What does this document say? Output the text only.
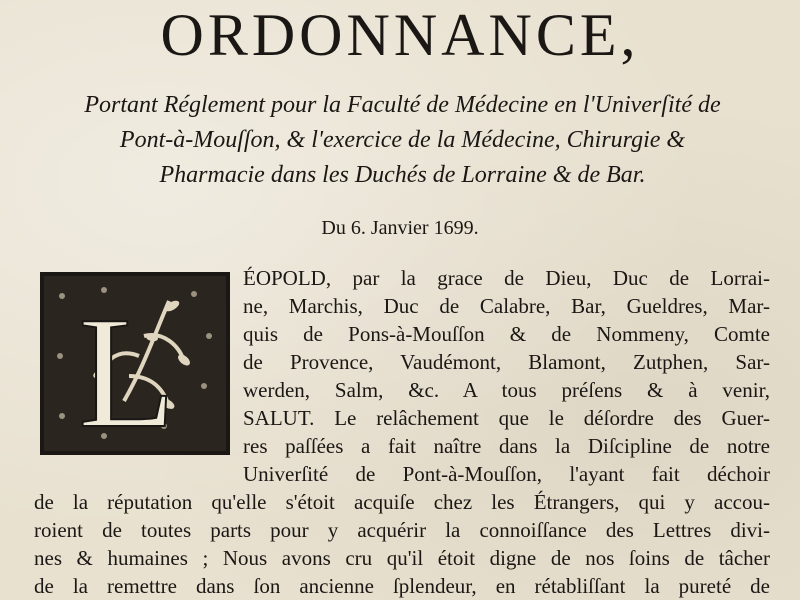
ORDONNANCE,
Portant Réglement pour la Faculté de Médecine en l'Univerſité de
Pont-à-Mouſſon, & l'exercice de la Médecine, Chirurgie &
Pharmacie dans les Duchés de Lorraine & de Bar.

Du 6. Janvier 1699.

L
ÉOPOLD, par la grace de Dieu, Duc de Lorrai-
ne, Marchis, Duc de Calabre, Bar, Gueldres, Mar-
quis de Pons-à-Mouſſon & de Nommeny, Comte
de Provence, Vaudémont, Blamont, Zutphen, Sar-
werden, Salm, &c. A tous préſens & à venir,
SALUT. Le relâchement que le déſordre des Guer-
res paſſées a fait naître dans la Diſcipline de notre
Univerſité de Pont-à-Mouſſon, l'ayant fait déchoir
de la réputation qu'elle s'étoit acquiſe chez les Étrangers, qui y accou-
roient de toutes parts pour y acquérir la connoiſſance des Lettres divi-
nes & humaines ; Nous avons cru qu'il étoit digne de nos ſoins de tâcher
de la remettre dans ſon ancienne ſplendeur, en rétabliſſant la pureté de
